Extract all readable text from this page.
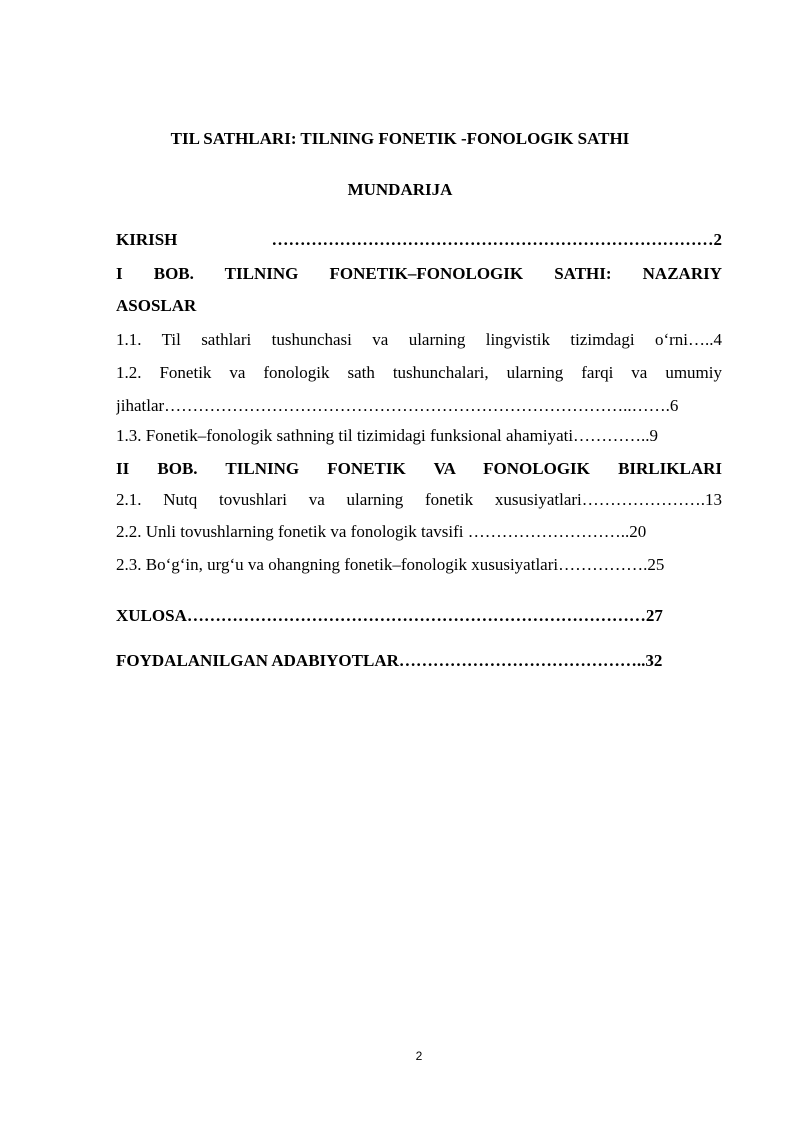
TIL SATHLARI: TILNING FONETIK -FONOLOGIK SATHI
MUNDARIJA
KIRISH ……………………………………………………………………2
I BOB. TILNING FONETIK–FONOLOGIK SATHI: NAZARIY
ASOSLAR
1.1. Til sathlari tushunchasi va ularning lingvistik tizimdagi o‘rni…..4
1.2. Fonetik va fonologik sath tushunchalari, ularning farqi va umumiy
jihatlar………………………………………………………………………..…….6
1.3. Fonetik–fonologik sathning til tizimidagi funksional ahamiyati…………..9
II BOB. TILNING FONETIK VA FONOLOGIK BIRLIKLARI
2.1. Nutq tovushlari va ularning fonetik xususiyatlari………………….13
2.2. Unli tovushlarning fonetik va fonologik tavsifi ………………………..20
2.3. Bo‘g‘in, urg‘u va ohangning fonetik–fonologik xususiyatlari…………….25
XULOSA………………………………………………………………………27
FOYDALANILGAN ADABIYOTLAR……………………………………..32
2
